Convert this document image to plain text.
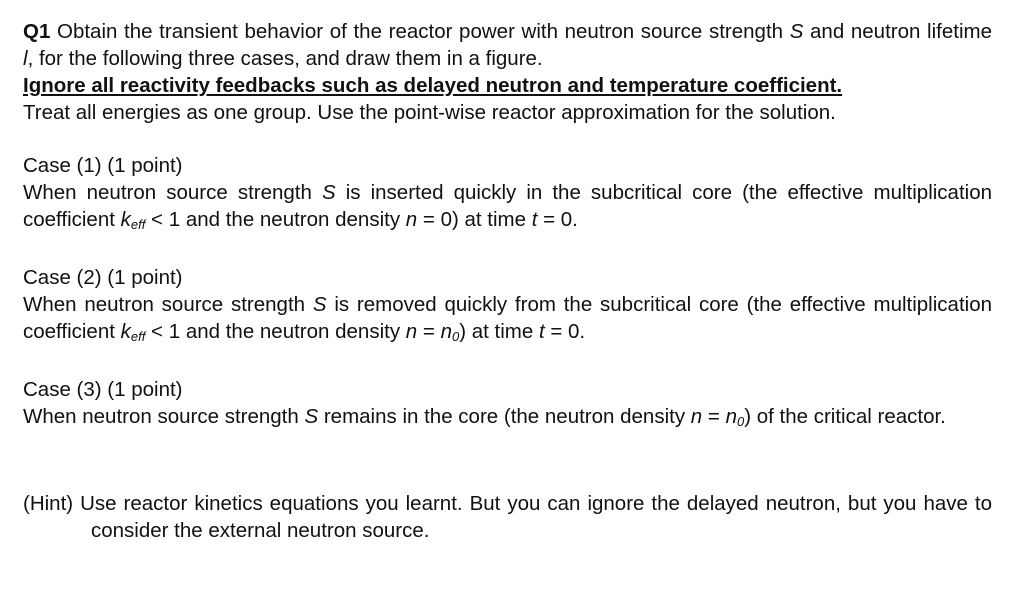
Q1 Obtain the transient behavior of the reactor power with neutron source strength S and neutron lifetime l, for the following three cases, and draw them in a figure.

Ignore all reactivity feedbacks such as delayed neutron and temperature coefficient.

Treat all energies as one group. Use the point-wise reactor approximation for the solution.

Case (1) (1 point)

When neutron source strength S is inserted quickly in the subcritical core (the effective multiplication coefficient $k_{eff} < 1$ and the neutron density n = 0) at time t = 0.

Case (2) (1 point)

When neutron source strength S is removed quickly from the subcritical core (the effective multiplication coefficient $k_{eff} < 1$ and the neutron density $n = n_0$) at time t = 0.

Case (3) (1 point)

When neutron source strength S remains in the core (the neutron density $n = n_0$) of the critical reactor.

(Hint) Use reactor kinetics equations you learnt. But you can ignore the delayed neutron, but you have to consider the external neutron source.
